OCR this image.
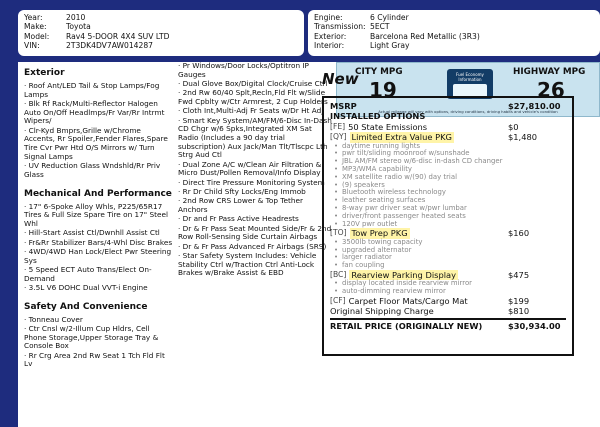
Year:	2010
Make:	Toyota
Model:	Rav4 5-DOOR 4X4 SUV LTD
VIN:	2T3DK4DV7AW014287
Engine:	6 Cylinder
Transmission: 5ECT
Exterior:	Barcelona Red Metallic (3R3)
Interior:	Light Gray
Exterior
· Roof Ant/LED Tail & Stop Lamps/Fog Lamps
· Blk Rf Rack/Multi-Reflector Halogen Auto On/Off Headlmps/Fr Var/Rr Intrmt Wipers/
· Clr-Kyd Bmprs,Grille w/Chrome Accents, Rr Spoiler,Fender Flares,Spare Tire Cvr Pwr Htd O/S Mirrors w/ Turn Signal Lamps
· UV Reduction Glass Wndshld/Rr Priv Glass
Mechanical And Performance
· 17" 6-Spoke Alloy Whls, P225/65R17 Tires & Full Size Spare Tire on 17" Steel Whl
· Hill-Start Assist Ctl/Dwnhll Assist Ctl
· Fr&Rr Stabilizer Bars/4-Whl Disc Brakes
· 4WD/4WD Han Lock/Elect Pwr Steering Sys
· 5 Speed ECT Auto Trans/Elect On-Demand
· 3.5L V6 DOHC Dual VVT-i Engine
Safety And Convenience
· Tonneau Cover
· Ctr Cnsl w/2-Illum Cup Hldrs, Cell Phone Storage,Upper Storage Tray & Console Box
· Rr Crg Area 2nd Rw Seat 1 Tch Fld Flt Lv
· Pr Windows/Door Locks/Optitron IP Gauges
· Dual Glove Box/Digital Clock/Cruise Ctrl
· 2nd Rw 60/40 Splt,Recln,Fld Flt w/Slide Fwd Cpblty w/Ctr Armrest, 2 Cup Holders
· Cloth Int,Multi-Adj Fr Seats w/Dr Ht Adj
· Smart Key System/AM/FM/6-Disc In-Dash CD Chgr w/6 Spks,Integrated XM Sat Radio (Includes a 90 day trial subscription) Aux Jack/Man Tlt/Tlscpc Lth Strg Aud Ctl
· Dual Zone A/C w/Clean Air Filtration & Micro Dust/Pollen Removal/Info Display
· Direct Tire Pressure Monitoring System
· Rr Dr Child Sfty Locks/Eng Immob
· 2nd Row CRS Lower & Top Tether Anchors
· Dr and Fr Pass Active Headrests
· Dr & Fr Pass Seat Mounted Side/Fr & 2nd Row Roll-Sensing Side Curtain Airbags
· Dr & Fr Pass Advanced Fr Airbags (SRS)
· Star Safety System Includes: Vehicle Stability Ctrl w/Traction Ctrl Anti-Lock Brakes w/Brake Assist & EBD
CITY MPG
19
Fuel Economy Information
HIGHWAY MPG
26
Actual mileage will vary with options, driving conditions, driving habits and vehicle's condition
New
MSRP	$27,810.00
INSTALLED OPTIONS
[FE] 50 State Emissions	$0
[QY] Limited Extra Value PKG	$1,480
• daytime running lights
• pwr tilt/sliding moonroof w/sunshade
• JBL AM/FM stereo w/6-disc in-dash CD changer
• MP3/WMA capability
• XM satellite radio w/(90) day trial
• (9) speakers
• Bluetooth wireless technology
• leather seating surfaces
• 8-way pwr driver seat w/pwr lumbar
• driver/front passenger heated seats
• 120V pwr outlet
[TO] Tow Prep PKG	$160
• 3500lb towing capacity
• upgraded alternator
• larger radiator
• fan coupling
[BC] Rearview Parking Display	$475
• display located inside rearview mirror
• auto-dimming rearview mirror
[CF] Carpet Floor Mats/Cargo Mat	$199
Original Shipping Charge	$810
RETAIL PRICE (ORIGINALLY NEW)	$30,934.00
